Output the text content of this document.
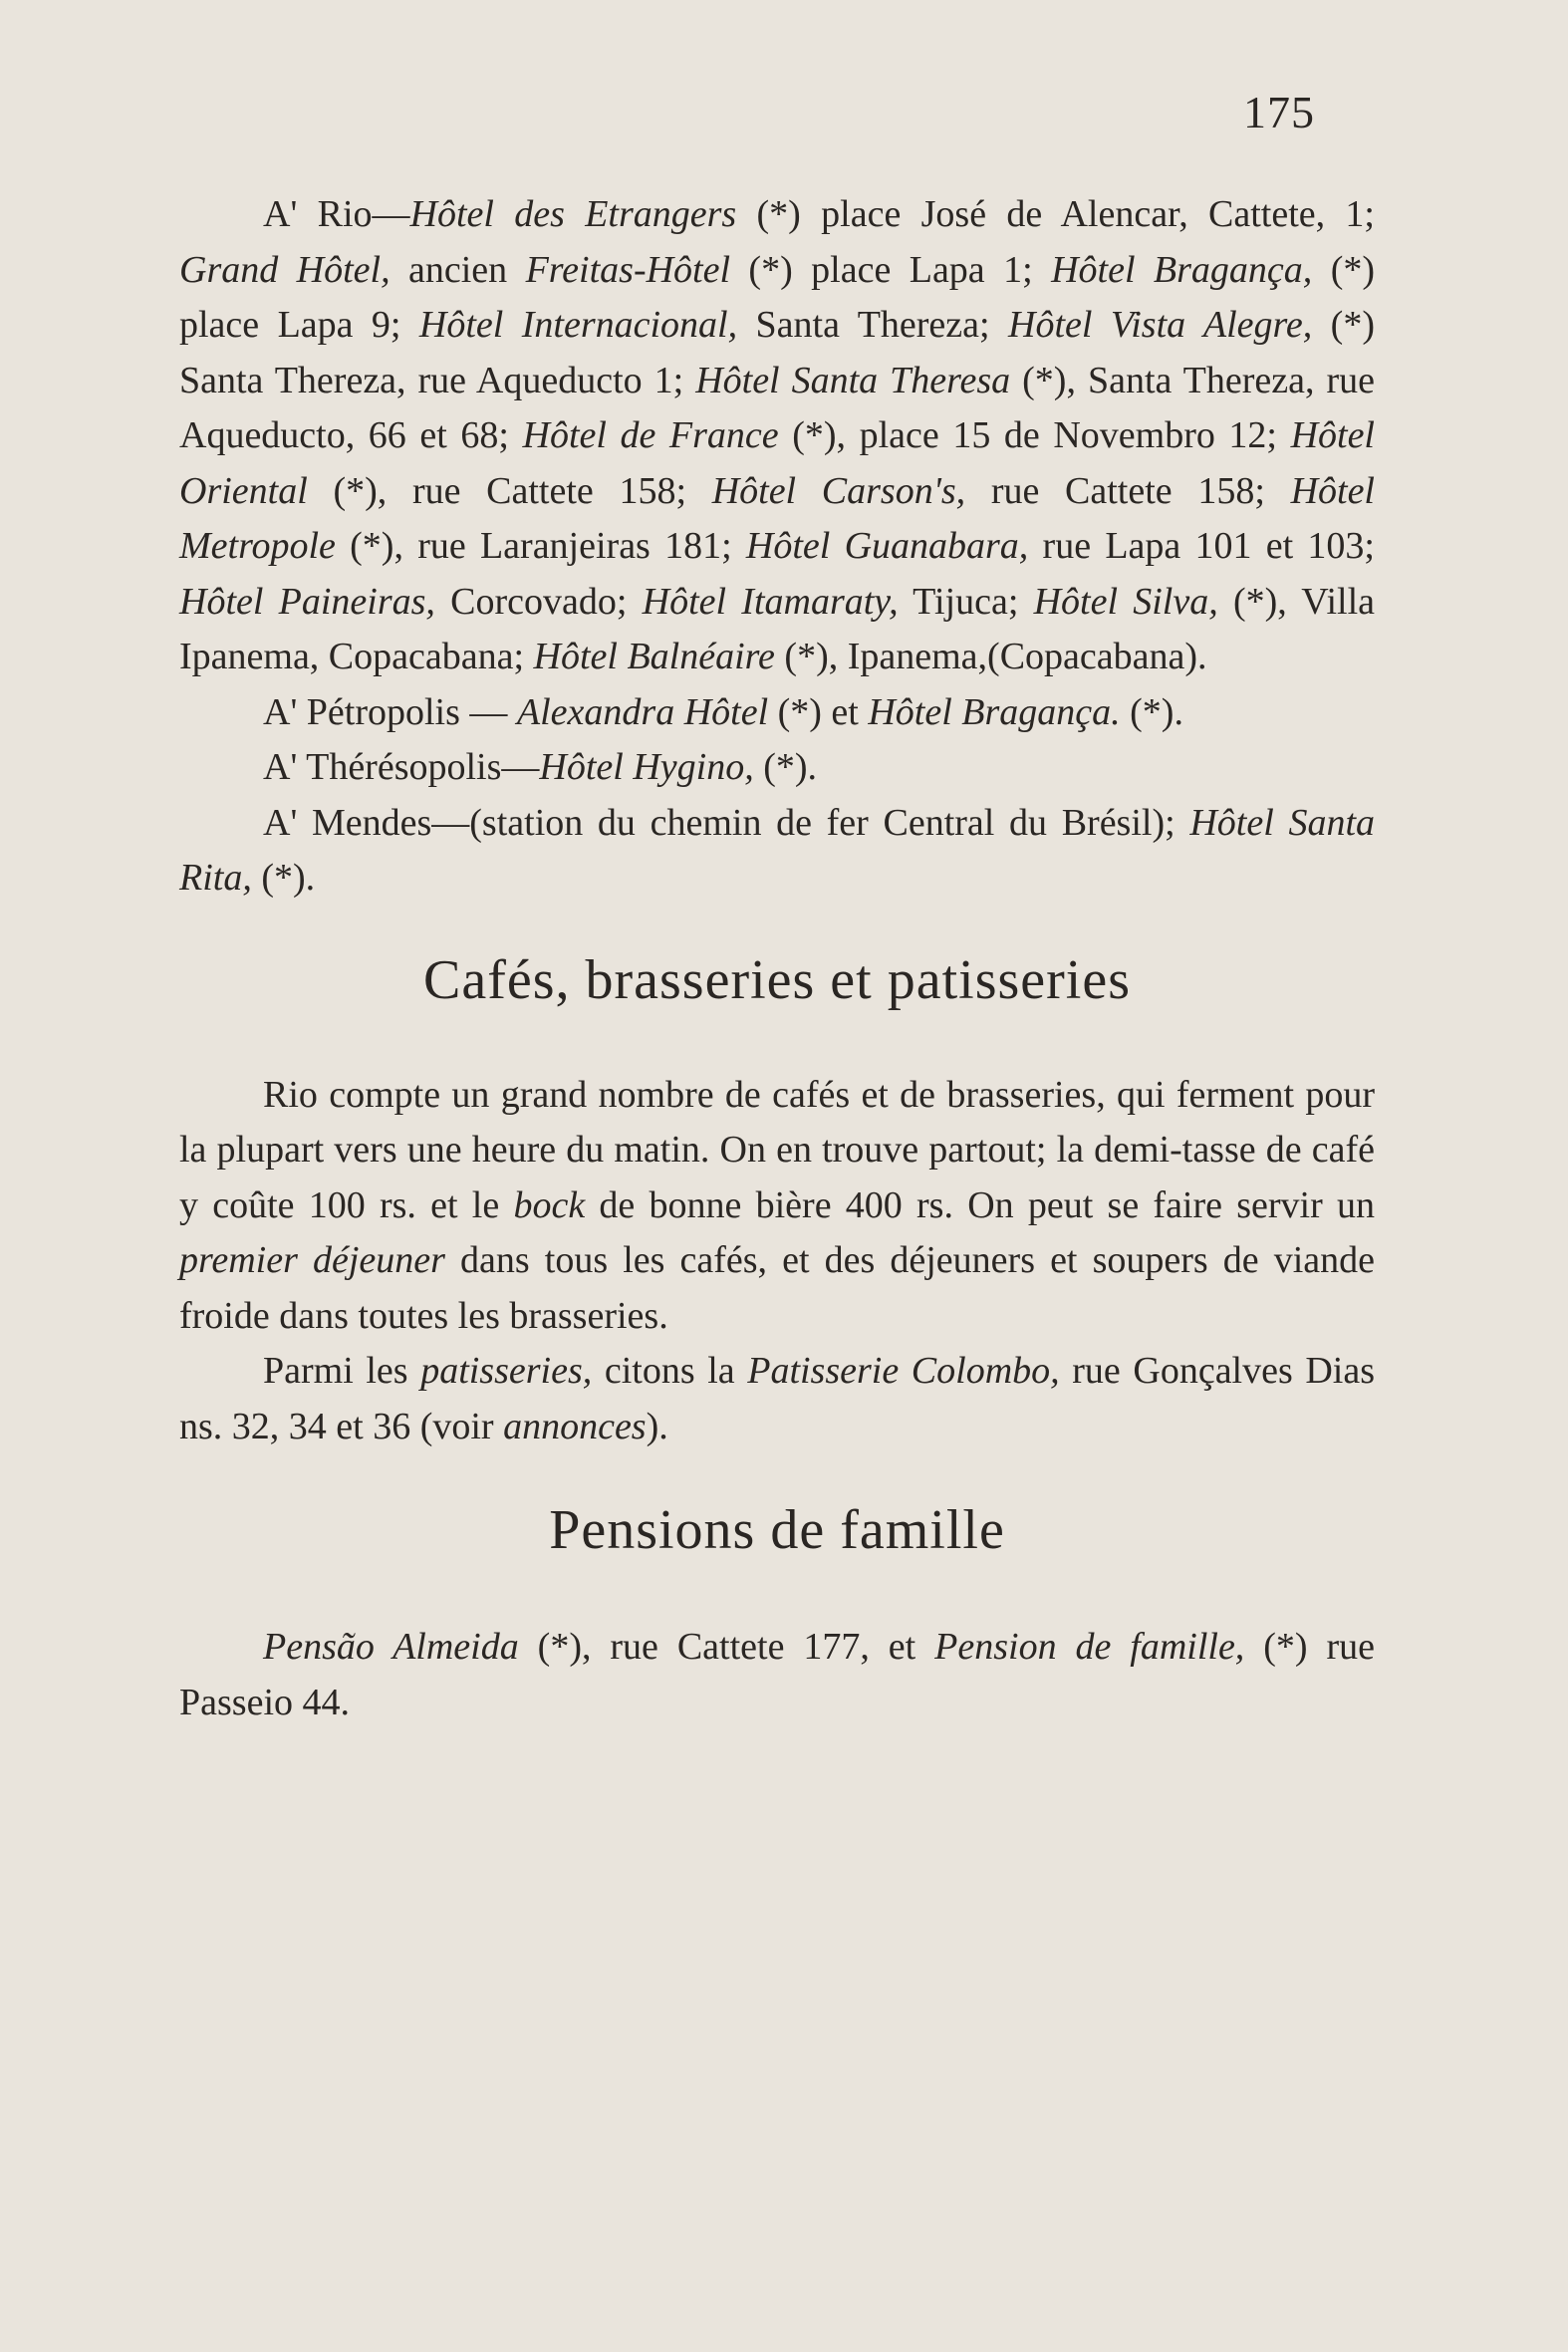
175

A' Rio—Hôtel des Etrangers (*) place José de Alencar, Cattete, 1; Grand Hôtel, ancien Freitas-Hôtel (*) place Lapa 1; Hôtel Bragança, (*) place Lapa 9; Hôtel Internacional, Santa Thereza; Hôtel Vista Alegre, (*) Santa Thereza, rue Aqueducto 1; Hôtel Santa Theresa (*), Santa Thereza, rue Aqueducto, 66 et 68; Hôtel de France (*), place 15 de Novembro 12; Hôtel Oriental (*), rue Cattete 158; Hôtel Carson's, rue Cattete 158; Hôtel Metropole (*), rue Laranjeiras 181; Hôtel Guanabara, rue Lapa 101 et 103; Hôtel Paineiras, Corcovado; Hôtel Itamaraty, Tijuca; Hôtel Silva, (*), Villa Ipanema, Copacabana; Hôtel Balnéaire (*), Ipanema,(Copacabana).

A' Pétropolis — Alexandra Hôtel (*) et Hôtel Bragança. (*).

A' Thérésopolis—Hôtel Hygino, (*).

A' Mendes—(station du chemin de fer Central du Brésil); Hôtel Santa Rita, (*).

Cafés, brasseries et patisseries

Rio compte un grand nombre de cafés et de brasseries, qui ferment pour la plupart vers une heure du matin. On en trouve partout; la demi-tasse de café y coûte 100 rs. et le bock de bonne bière 400 rs. On peut se faire servir un premier déjeuner dans tous les cafés, et des déjeuners et soupers de viande froide dans toutes les brasseries.

Parmi les patisseries, citons la Patisserie Colombo, rue Gonçalves Dias ns. 32, 34 et 36 (voir annonces).

Pensions de famille

Pensão Almeida (*), rue Cattete 177, et Pension de famille, (*) rue Passeio 44.
